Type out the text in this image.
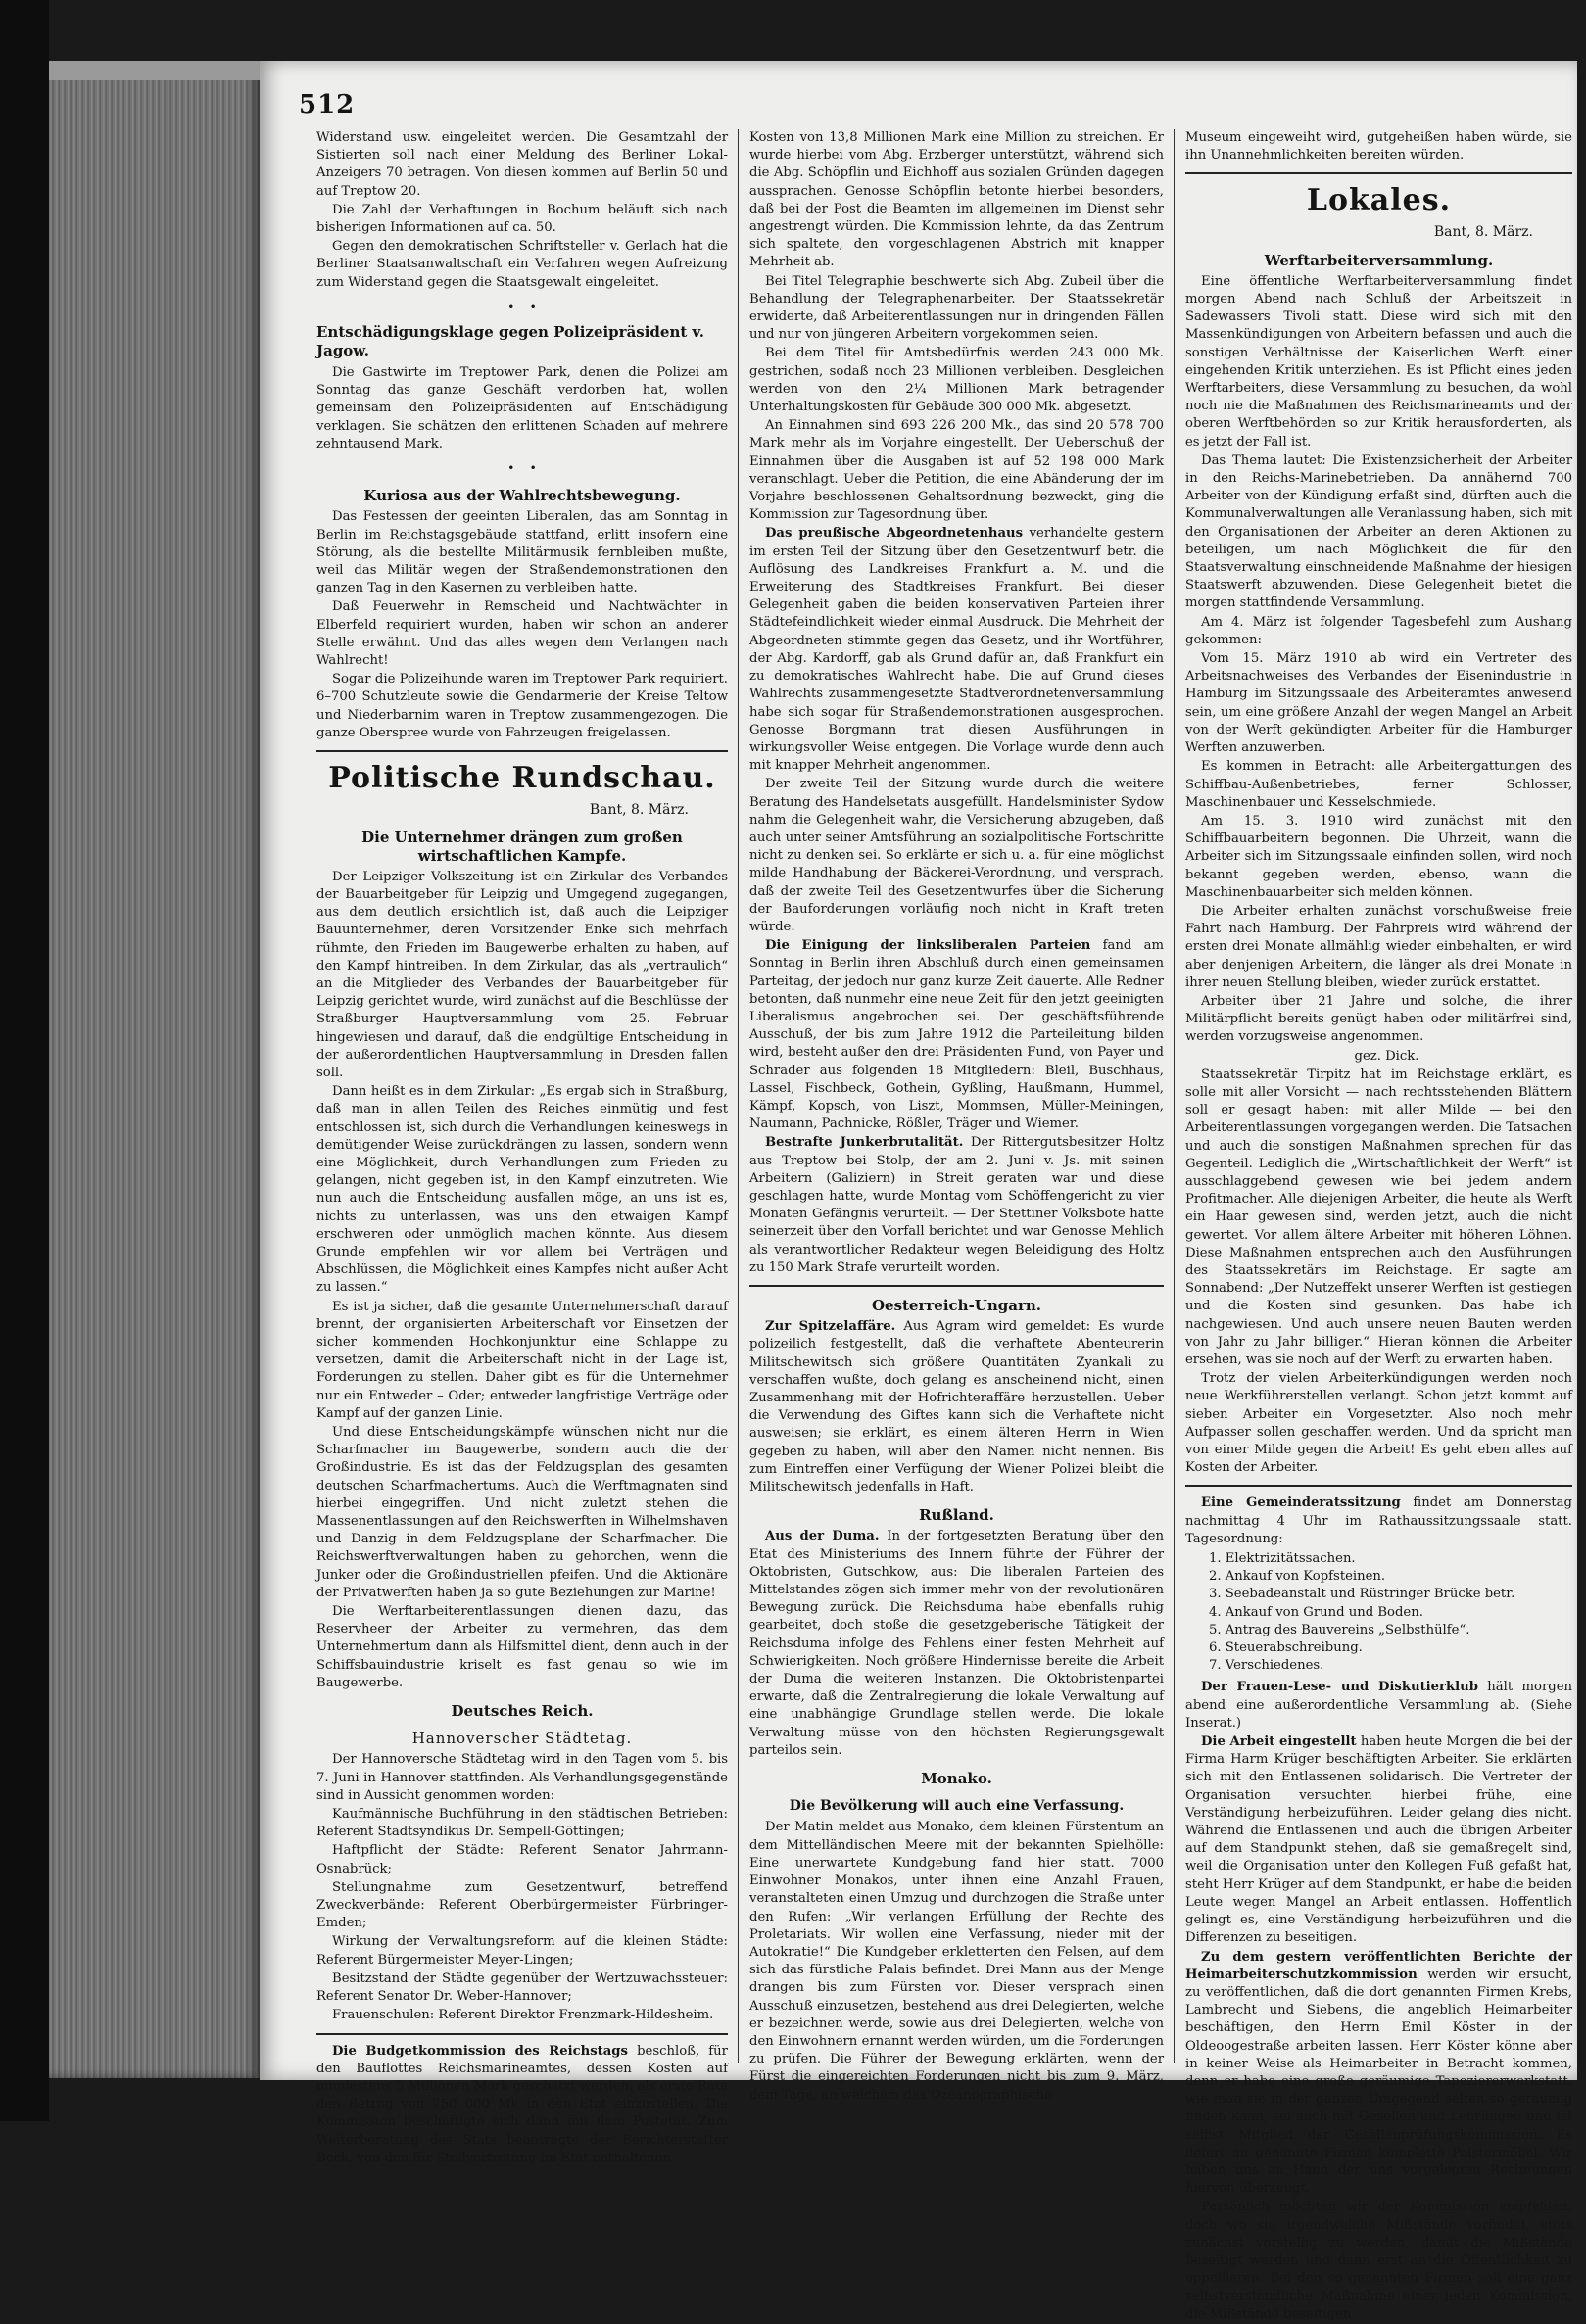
512

Widerstand usw. eingeleitet werden. Die Gesamtzahl der Sistierten soll nach einer Meldung des Berliner Lokal-Anzeigers 70 betragen. Von diesen kommen auf Berlin 50 und auf Treptow 20.

Die Zahl der Verhaftungen in Bochum beläuft sich nach bisherigen Informationen auf ca. 50.

Gegen den demokratischen Schriftsteller v. Gerlach hat die Berliner Staatsanwaltschaft ein Verfahren wegen Aufreizung zum Widerstand gegen die Staatsgewalt eingeleitet.

•    •
Entschädigungsklage gegen Polizeipräsident v. Jagow.

Die Gastwirte im Treptower Park, denen die Polizei am Sonntag das ganze Geschäft verdorben hat, wollen gemeinsam den Polizeipräsidenten auf Entschädigung verklagen. Sie schätzen den erlittenen Schaden auf mehrere zehntausend Mark.

•    •
Kuriosa aus der Wahlrechtsbewegung.

Das Festessen der geeinten Liberalen, das am Sonntag in Berlin im Reichstagsgebäude stattfand, erlitt insofern eine Störung, als die bestellte Militärmusik fernbleiben mußte, weil das Militär wegen der Straßendemonstrationen den ganzen Tag in den Kasernen zu verbleiben hatte.

Daß Feuerwehr in Remscheid und Nachtwächter in Elberfeld requiriert wurden, haben wir schon an anderer Stelle erwähnt. Und das alles wegen dem Verlangen nach Wahlrecht!

Sogar die Polizeihunde waren im Treptower Park requiriert. 6–700 Schutzleute sowie die Gendarmerie der Kreise Teltow und Niederbarnim waren in Treptow zusammengezogen. Die ganze Oberspree wurde von Fahrzeugen freigelassen.

Politische Rundschau.

Bant, 8. März.

Die Unternehmer drängen zum großen wirtschaftlichen Kampfe.

Der Leipziger Volkszeitung ist ein Zirkular des Verbandes der Bauarbeitgeber für Leipzig und Umgegend zugegangen, aus dem deutlich ersichtlich ist, daß auch die Leipziger Bauunternehmer, deren Vorsitzender Enke sich mehrfach rühmte, den Frieden im Baugewerbe erhalten zu haben, auf den Kampf hintreiben. In dem Zirkular, das als „vertraulich“ an die Mitglieder des Verbandes der Bauarbeitgeber für Leipzig gerichtet wurde, wird zunächst auf die Beschlüsse der Straßburger Hauptversammlung vom 25. Februar hingewiesen und darauf, daß die endgültige Entscheidung in der außerordentlichen Hauptversammlung in Dresden fallen soll.

Dann heißt es in dem Zirkular: „Es ergab sich in Straßburg, daß man in allen Teilen des Reiches einmütig und fest entschlossen ist, sich durch die Verhandlungen keineswegs in demütigender Weise zurückdrängen zu lassen, sondern wenn eine Möglichkeit, durch Verhandlungen zum Frieden zu gelangen, nicht gegeben ist, in den Kampf einzutreten. Wie nun auch die Entscheidung ausfallen möge, an uns ist es, nichts zu unterlassen, was uns den etwaigen Kampf erschweren oder unmöglich machen könnte. Aus diesem Grunde empfehlen wir vor allem bei Verträgen und Abschlüssen, die Möglichkeit eines Kampfes nicht außer Acht zu lassen.“

Es ist ja sicher, daß die gesamte Unternehmerschaft darauf brennt, der organisierten Arbeiterschaft vor Einsetzen der sicher kommenden Hochkonjunktur eine Schlappe zu versetzen, damit die Arbeiterschaft nicht in der Lage ist, Forderungen zu stellen. Daher gibt es für die Unternehmer nur ein Entweder – Oder; entweder langfristige Verträge oder Kampf auf der ganzen Linie.

Und diese Entscheidungskämpfe wünschen nicht nur die Scharfmacher im Baugewerbe, sondern auch die der Großindustrie. Es ist das der Feldzugsplan des gesamten deutschen Scharfmachertums. Auch die Werftmagnaten sind hierbei eingegriffen. Und nicht zuletzt stehen die Massenentlassungen auf den Reichswerften in Wilhelmshaven und Danzig in dem Feldzugsplane der Scharfmacher. Die Reichswerftverwaltungen haben zu gehorchen, wenn die Junker oder die Großindustriellen pfeifen. Und die Aktionäre der Privatwerften haben ja so gute Beziehungen zur Marine!

Die Werftarbeiterentlassungen dienen dazu, das Reservheer der Arbeiter zu vermehren, das dem Unternehmertum dann als Hilfsmittel dient, denn auch in der Schiffsbauindustrie kriselt es fast genau so wie im Baugewerbe.

Deutsches Reich.
Hannoverscher Städtetag.

Der Hannoversche Städtetag wird in den Tagen vom 5. bis 7. Juni in Hannover stattfinden. Als Verhandlungsgegenstände sind in Aussicht genommen worden:

Kaufmännische Buchführung in den städtischen Betrieben: Referent Stadtsyndikus Dr. Sempell-Göttingen;

Haftpflicht der Städte: Referent Senator Jahrmann-Osnabrück;

Stellungnahme zum Gesetzentwurf, betreffend Zweckverbände: Referent Oberbürgermeister Fürbringer-Emden;

Wirkung der Verwaltungsreform auf die kleinen Städte: Referent Bürgermeister Meyer-Lingen;

Besitzstand der Städte gegenüber der Wertzuwachssteuer: Referent Senator Dr. Weber-Hannover;

Frauenschulen: Referent Direktor Frenzmark-Hildesheim.

Die Budgetkommission des Reichstags beschloß, für den Bauflottes Reichsmarineamtes, dessen Kosten auf mindestens 5 Millionen Mark geschätzt werden, als erste Rate den Betrag von 750 000 Mk in den Etat einzustellen. Die Kommission beschäftigte sich dann mit dem Postetat. Zum Weiterberatung des Stats beantragte der Berichterstatter Beck, von den für Stellvertretung im Etat enthaltenen

Kosten von 13,8 Millionen Mark eine Million zu streichen. Er wurde hierbei vom Abg. Erzberger unterstützt, während sich die Abg. Schöpflin und Eichhoff aus sozialen Gründen dagegen aussprachen. Genosse Schöpflin betonte hierbei besonders, daß bei der Post die Beamten im allgemeinen im Dienst sehr angestrengt würden. Die Kommission lehnte, da das Zentrum sich spaltete, den vorgeschlagenen Abstrich mit knapper Mehrheit ab.

Bei Titel Telegraphie beschwerte sich Abg. Zubeil über die Behandlung der Telegraphenarbeiter. Der Staatssekretär erwiderte, daß Arbeiterentlassungen nur in dringenden Fällen und nur von jüngeren Arbeitern vorgekommen seien.

Bei dem Titel für Amtsbedürfnis werden 243 000 Mk. gestrichen, sodaß noch 23 Millionen verbleiben. Desgleichen werden von den 2¼ Millionen Mark betragender Unterhaltungskosten für Gebäude 300 000 Mk. abgesetzt.

An Einnahmen sind 693 226 200 Mk., das sind 20 578 700 Mark mehr als im Vorjahre eingestellt. Der Ueberschuß der Einnahmen über die Ausgaben ist auf 52 198 000 Mark veranschlagt. Ueber die Petition, die eine Abänderung der im Vorjahre beschlossenen Gehaltsordnung bezweckt, ging die Kommission zur Tagesordnung über.

Das preußische Abgeordnetenhaus verhandelte gestern im ersten Teil der Sitzung über den Gesetzentwurf betr. die Auflösung des Landkreises Frankfurt a. M. und die Erweiterung des Stadtkreises Frankfurt. Bei dieser Gelegenheit gaben die beiden konservativen Parteien ihrer Städtefeindlichkeit wieder einmal Ausdruck. Die Mehrheit der Abgeordneten stimmte gegen das Gesetz, und ihr Wortführer, der Abg. Kardorff, gab als Grund dafür an, daß Frankfurt ein zu demokratisches Wahlrecht habe. Die auf Grund dieses Wahlrechts zusammengesetzte Stadtverordnetenversammlung habe sich sogar für Straßendemonstrationen ausgesprochen. Genosse Borgmann trat diesen Ausführungen in wirkungsvoller Weise entgegen. Die Vorlage wurde denn auch mit knapper Mehrheit angenommen.

Der zweite Teil der Sitzung wurde durch die weitere Beratung des Handelsetats ausgefüllt. Handelsminister Sydow nahm die Gelegenheit wahr, die Versicherung abzugeben, daß auch unter seiner Amtsführung an sozialpolitische Fortschritte nicht zu denken sei. So erklärte er sich u. a. für eine möglichst milde Handhabung der Bäckerei-Verordnung, und versprach, daß der zweite Teil des Gesetzentwurfes über die Sicherung der Bauforderungen vorläufig noch nicht in Kraft treten würde.

Die Einigung der linksliberalen Parteien fand am Sonntag in Berlin ihren Abschluß durch einen gemeinsamen Parteitag, der jedoch nur ganz kurze Zeit dauerte. Alle Redner betonten, daß nunmehr eine neue Zeit für den jetzt geeinigten Liberalismus angebrochen sei. Der geschäftsführende Ausschuß, der bis zum Jahre 1912 die Parteileitung bilden wird, besteht außer den drei Präsidenten Fund, von Payer und Schrader aus folgenden 18 Mitgliedern: Bleil, Buschhaus, Lassel, Fischbeck, Gothein, Gyßling, Haußmann, Hummel, Kämpf, Kopsch, von Liszt, Mommsen, Müller-Meiningen, Naumann, Pachnicke, Rößler, Träger und Wiemer.

Bestrafte Junkerbrutalität. Der Rittergutsbesitzer Holtz aus Treptow bei Stolp, der am 2. Juni v. Js. mit seinen Arbeitern (Galiziern) in Streit geraten war und diese geschlagen hatte, wurde Montag vom Schöffengericht zu vier Monaten Gefängnis verurteilt. — Der Stettiner Volksbote hatte seinerzeit über den Vorfall berichtet und war Genosse Mehlich als verantwortlicher Redakteur wegen Beleidigung des Holtz zu 150 Mark Strafe verurteilt worden.

Oesterreich-Ungarn.

Zur Spitzelaffäre. Aus Agram wird gemeldet: Es wurde polizeilich festgestellt, daß die verhaftete Abenteurerin Militschewitsch sich größere Quantitäten Zyankali zu verschaffen wußte, doch gelang es anscheinend nicht, einen Zusammenhang mit der Hofrichteraffäre herzustellen. Ueber die Verwendung des Giftes kann sich die Verhaftete nicht ausweisen; sie erklärt, es einem älteren Herrn in Wien gegeben zu haben, will aber den Namen nicht nennen. Bis zum Eintreffen einer Verfügung der Wiener Polizei bleibt die Militschewitsch jedenfalls in Haft.

Rußland.

Aus der Duma. In der fortgesetzten Beratung über den Etat des Ministeriums des Innern führte der Führer der Oktobristen, Gutschkow, aus: Die liberalen Parteien des Mittelstandes zögen sich immer mehr von der revolutionären Bewegung zurück. Die Reichsduma habe ebenfalls ruhig gearbeitet, doch stoße die gesetzgeberische Tätigkeit der Reichsduma infolge des Fehlens einer festen Mehrheit auf Schwierigkeiten. Noch größere Hindernisse bereite die Arbeit der Duma die weiteren Instanzen. Die Oktobristenpartei erwarte, daß die Zentralregierung die lokale Verwaltung auf eine unabhängige Grundlage stellen werde. Die lokale Verwaltung müsse von den höchsten Regierungsgewalt parteilos sein.

Monako.
Die Bevölkerung will auch eine Verfassung.

Der Matin meldet aus Monako, dem kleinen Fürstentum an dem Mittelländischen Meere mit der bekannten Spielhölle: Eine unerwartete Kundgebung fand hier statt. 7000 Einwohner Monakos, unter ihnen eine Anzahl Frauen, veranstalteten einen Umzug und durchzogen die Straße unter den Rufen: „Wir verlangen Erfüllung der Rechte des Proletariats. Wir wollen eine Verfassung, nieder mit der Autokratie!“ Die Kundgeber erkletterten den Felsen, auf dem sich das fürstliche Palais befindet. Drei Mann aus der Menge drangen bis zum Fürsten vor. Dieser versprach einen Ausschuß einzusetzen, bestehend aus drei Delegierten, welche er bezeichnen werde, sowie aus drei Delegierten, welche von den Einwohnern ernannt werden würden, um die Forderungen zu prüfen. Die Führer der Bewegung erklärten, wenn der Fürst die eingereichten Forderungen nicht bis zum 9. März, dem Tage, an welchem das Ozeanographische

Museum eingeweiht wird, gutgeheißen haben würde, sie ihn Unannehmlichkeiten bereiten würden.

Lokales.

Bant, 8. März.

Werftarbeiterversammlung.

Eine öffentliche Werftarbeiterversammlung findet morgen Abend nach Schluß der Arbeitszeit in Sadewassers Tivoli statt. Diese wird sich mit den Massenkündigungen von Arbeitern befassen und auch die sonstigen Verhältnisse der Kaiserlichen Werft einer eingehenden Kritik unterziehen. Es ist Pflicht eines jeden Werftarbeiters, diese Versammlung zu besuchen, da wohl noch nie die Maßnahmen des Reichsmarineamts und der oberen Werftbehörden so zur Kritik herausforderten, als es jetzt der Fall ist.

Das Thema lautet: Die Existenzsicherheit der Arbeiter in den Reichs-Marinebetrieben. Da annähernd 700 Arbeiter von der Kündigung erfaßt sind, dürften auch die Kommunalverwaltungen alle Veranlassung haben, sich mit den Organisationen der Arbeiter an deren Aktionen zu beteiligen, um nach Möglichkeit die für den Staatsverwaltung einschneidende Maßnahme der hiesigen Staatswerft abzuwenden. Diese Gelegenheit bietet die morgen stattfindende Versammlung.

Am 4. März ist folgender Tagesbefehl zum Aushang gekommen:

Vom 15. März 1910 ab wird ein Vertreter des Arbeitsnachweises des Verbandes der Eisenindustrie in Hamburg im Sitzungssaale des Arbeiteramtes anwesend sein, um eine größere Anzahl der wegen Mangel an Arbeit von der Werft gekündigten Arbeiter für die Hamburger Werften anzuwerben.

Es kommen in Betracht: alle Arbeitergattungen des Schiffbau-Außenbetriebes, ferner Schlosser, Maschinenbauer und Kesselschmiede.

Am 15. 3. 1910 wird zunächst mit den Schiffbauarbeitern begonnen. Die Uhrzeit, wann die Arbeiter sich im Sitzungssaale einfinden sollen, wird noch bekannt gegeben werden, ebenso, wann die Maschinenbauarbeiter sich melden können.

Die Arbeiter erhalten zunächst vorschußweise freie Fahrt nach Hamburg. Der Fahrpreis wird während der ersten drei Monate allmählig wieder einbehalten, er wird aber denjenigen Arbeitern, die länger als drei Monate in ihrer neuen Stellung bleiben, wieder zurück erstattet.

Arbeiter über 21 Jahre und solche, die ihrer Militärpflicht bereits genügt haben oder militärfrei sind, werden vorzugsweise angenommen.

gez. Dick.

Staatssekretär Tirpitz hat im Reichstage erklärt, es solle mit aller Vorsicht — nach rechtsstehenden Blättern soll er gesagt haben: mit aller Milde — bei den Arbeiterentlassungen vorgegangen werden. Die Tatsachen und auch die sonstigen Maßnahmen sprechen für das Gegenteil. Lediglich die „Wirtschaftlichkeit der Werft“ ist ausschlaggebend gewesen wie bei jedem andern Profitmacher. Alle diejenigen Arbeiter, die heute als Werft ein Haar gewesen sind, werden jetzt, auch die nicht gewertet. Vor allem ältere Arbeiter mit höheren Löhnen. Diese Maßnahmen entsprechen auch den Ausführungen des Staatssekretärs im Reichstage. Er sagte am Sonnabend: „Der Nutzeffekt unserer Werften ist gestiegen und die Kosten sind gesunken. Das habe ich nachgewiesen. Und auch unsere neuen Bauten werden von Jahr zu Jahr billiger.“ Hieran können die Arbeiter ersehen, was sie noch auf der Werft zu erwarten haben.

Trotz der vielen Arbeiterkündigungen werden noch neue Werkführerstellen verlangt. Schon jetzt kommt auf sieben Arbeiter ein Vorgesetzter. Also noch mehr Aufpasser sollen geschaffen werden. Und da spricht man von einer Milde gegen die Arbeit! Es geht eben alles auf Kosten der Arbeiter.

Eine Gemeinderatssitzung findet am Donnerstag nachmittag 4 Uhr im Rathaussitzungssaale statt. Tagesordnung:

1. Elektrizitätssachen.
2. Ankauf von Kopfsteinen.
3. Seebadeanstalt und Rüstringer Brücke betr.
4. Ankauf von Grund und Boden.
5. Antrag des Bauvereins „Selbsthülfe“.
6. Steuerabschreibung.
7. Verschiedenes.

Der Frauen-Lese- und Diskutierklub hält morgen abend eine außerordentliche Versammlung ab. (Siehe Inserat.)

Die Arbeit eingestellt haben heute Morgen die bei der Firma Harm Krüger beschäftigten Arbeiter. Sie erklärten sich mit den Entlassenen solidarisch. Die Vertreter der Organisation versuchten hierbei frühe, eine Verständigung herbeizuführen. Leider gelang dies nicht. Während die Entlassenen und auch die übrigen Arbeiter auf dem Standpunkt stehen, daß sie gemaßregelt sind, weil die Organisation unter den Kollegen Fuß gefaßt hat, steht Herr Krüger auf dem Standpunkt, er habe die beiden Leute wegen Mangel an Arbeit entlassen. Hoffentlich gelingt es, eine Verständigung herbeizuführen und die Differenzen zu beseitigen.

Zu dem gestern veröffentlichten Berichte der Heimarbeiterschutzkommission werden wir ersucht, zu veröffentlichen, daß die dort genannten Firmen Krebs, Lambrecht und Siebens, die angeblich Heimarbeiter beschäftigen, den Herrn Emil Köster in der Oldeoogestraße arbeiten lassen. Herr Köster könne aber in keiner Weise als Heimarbeiter in Betracht kommen, denn er habe eine große geräumige Tapeziererwerkstatt, wie man sie in der ganzen Umgegend selten so geräumig finden kann, sei auch mit Gesellen und Lehrlingen und ist selbst Mitglied der Gesellenprüfungskommission. Es liefert an genannte Firmen komplette Polstermöbel. Wir haben uns an Hand der uns vorgelegten Rechnungen hiervon überzeugt.

Persönlich möchten wir der Kommission empfehlen, doch wo sie irgendwelche Mißstände vorfindet, stets zunächst vorstellig zu werden, damit die Mißstände beseitigt werden und dann erst an die Öffentlichkeit zu appellieren. Bei den so genannten Firmen soll eine ganz selbstverständliche Maßnahme einer jeden Kommission, die Mißstände beseitigen
